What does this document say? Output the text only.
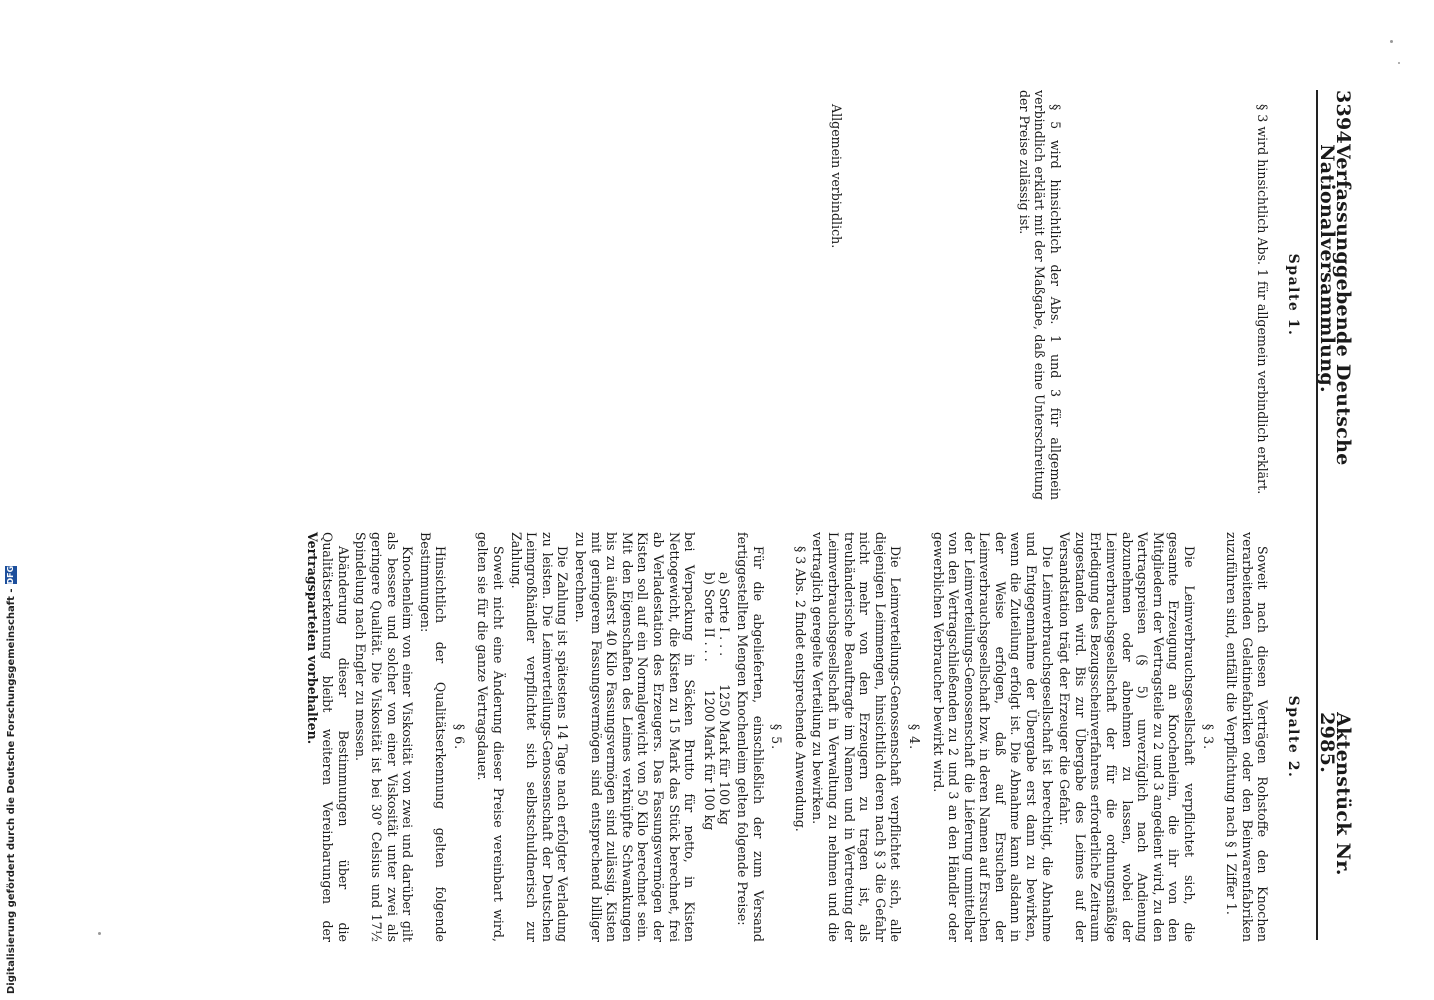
3394
Verfassunggebende Deutsche Nationalversammlung.
Aktenstück Nr. 2985.
Spalte 1.

§ 3 wird hinsichtlich Abs. 1 für allgemein verbindlich erklärt.

§ 5 wird hinsichtlich der Abs. 1 und 3 für allgemein verbindlich erklärt mit der Maßgabe, daß eine Unterschreitung der Preise zulässig ist.

Allgemein verbindlich.

Spalte 2.

Soweit nach diesen Verträgen Rohstoffe den Knochen verarbeitenden Gelatinefabriken oder den Beinwarenfabriken zuzuführen sind, entfällt die Verpflichtung nach § 1 Ziffer 1.

§ 3.

Die Leimverbrauchsgesellschaft verpflichtet sich, die gesamte Erzeugung an Knochenleim, die ihr von den Mitgliedern der Vertragsteile zu 2 und 3 angedient wird, zu den Vertragspreisen (§ 5) unverzüglich nach Andienung abzunehmen oder abnehmen zu lassen, wobei der Leimverbrauchsgesellschaft der für die ordnungsmäßige Erledigung des Bezugsscheinverfahrens erforderliche Zeitraum zugestanden wird. Bis zur Übergabe des Leimes auf der Versandstation trägt der Erzeuger die Gefahr.

Die Leimverbrauchsgesellschaft ist berechtigt, die Abnahme und Entgegennahme der Übergabe erst dann zu bewirken, wenn die Zuteilung erfolgt ist. Die Abnahme kann alsdann in der Weise erfolgen, daß auf Ersuchen der Leimverbrauchsgesellschaft bzw. in deren Namen auf Ersuchen der Leimverteilungs-Genossenschaft die Lieferung unmittelbar von den Vertragschließenden zu 2 und 3 an den Händler oder gewerblichen Verbraucher bewirkt wird.

§ 4.

Die Leimverteilungs-Genossenschaft verpflichtet sich, alle diejenigen Leimmengen, hinsichtlich deren nach § 3 die Gefahr nicht mehr von den Erzeugern zu tragen ist, als treuhänderische Beauftragte im Namen und in Vertretung der Leimverbrauchsgesellschaft in Verwaltung zu nehmen und die vertraglich geregelte Verteilung zu bewirken.

§ 3 Abs. 2 findet entsprechende Anwendung.

§ 5.

Für die abgelieferten, einschließlich der zum Versand fertiggestellten Mengen Knochenleim gelten folgende Preise:

a) Sorte I . . .
1250 Mark für 100 kg
b) Sorte II . . .
1200 Mark für 100 kg

bei Verpackung in Säcken Brutto für netto, in Kisten Nettogewicht, die Kisten zu 15 Mark das Stück berechnet, frei ab Verladestation des Erzeugers. Das Fassungsvermögen der Kisten soll auf ein Normalgewicht von 50 Kilo berechnet sein. Mit den Eigenschaften des Leimes verknüpfte Schwankungen bis zu äußerst 40 Kilo Fassungsvermögen sind zulässig. Kisten mit geringerem Fassungsvermögen sind entsprechend billiger zu berechnen.

Die Zahlung ist spätestens 14 Tage nach erfolgter Verladung zu leisten. Die Leimverteilungs-Genossenschaft der Deutschen Leimgroßhändler verpflichtet sich selbstschuldnerisch zur Zahlung.

Soweit nicht eine Änderung dieser Preise vereinbart wird, gelten sie für die ganze Vertragsdauer.

§ 6.

Hinsichtlich der Qualitätserkennung gelten folgende Bestimmungen:

Knochenleim von einer Viskosität von zwei und darüber gilt als bessere und solcher von einer Viskosität unter zwei als geringere Qualität. Die Viskosität ist bei 30° Celsius und 17½ Spindelung nach Engler zu messen.

Abänderung dieser Bestimmungen über die Qualitätserkennung bleibt weiteren Vereinbarungen der Vertragsparteien vorbehalten.

Digitalisierung gefördert durch die Deutsche Forschungsgemeinschaft -
DFG
